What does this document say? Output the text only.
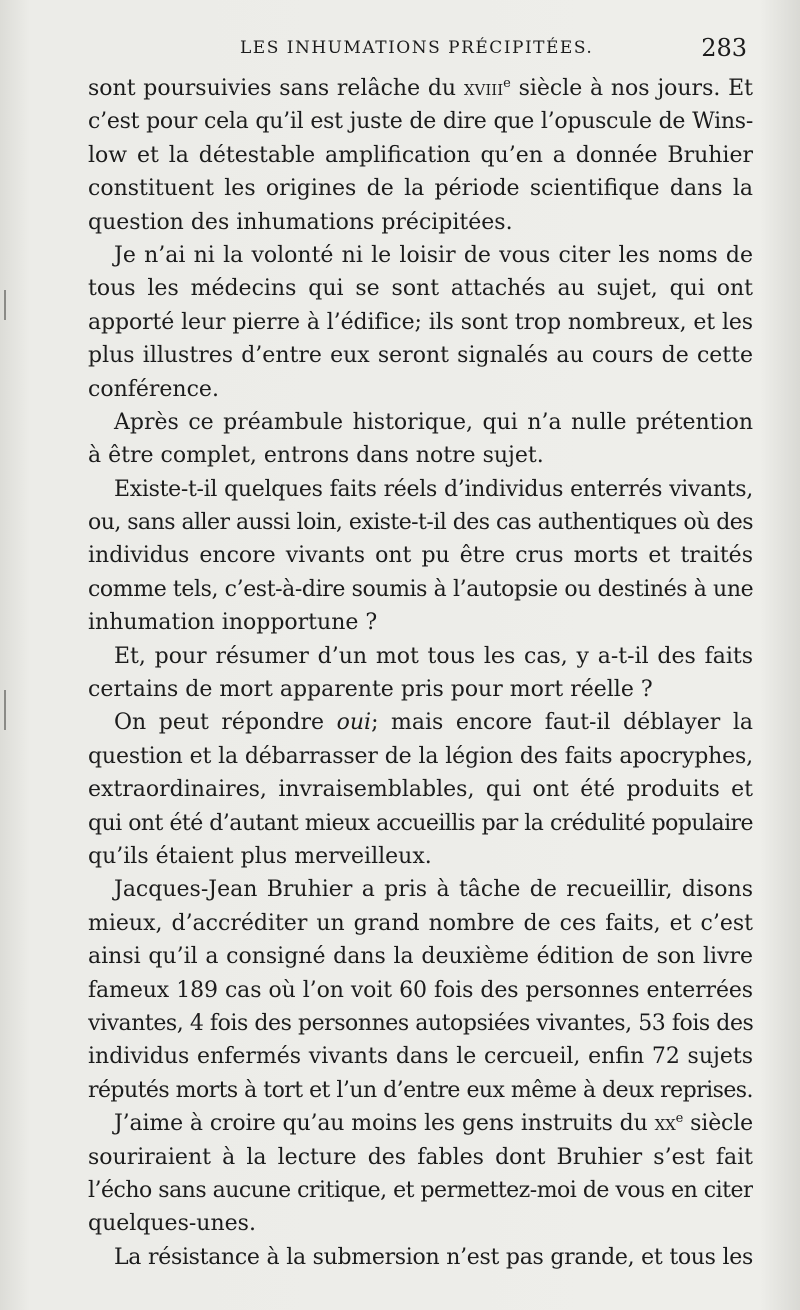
LES INHUMATIONS PRÉCIPITÉES.	283
sont poursuivies sans relâche du xviii$^e$ siècle à nos jours. Et
c’est pour cela qu’il est juste de dire que l’opuscule de Wins-
low et la détestable amplification qu’en a donnée Bruhier
constituent les origines de la période scientifique dans la
question des inhumations précipitées.
Je n’ai ni la volonté ni le loisir de vous citer les noms de
tous les médecins qui se sont attachés au sujet, qui ont
apporté leur pierre à l’édifice; ils sont trop nombreux, et les
plus illustres d’entre eux seront signalés au cours de cette
conférence.
Après ce préambule historique, qui n’a nulle prétention
à être complet, entrons dans notre sujet.
Existe-t-il quelques faits réels d’individus enterrés vivants,
ou, sans aller aussi loin, existe-t-il des cas authentiques où des
individus encore vivants ont pu être crus morts et traités
comme tels, c’est-à-dire soumis à l’autopsie ou destinés à une
inhumation inopportune ?
Et, pour résumer d’un mot tous les cas, y a-t-il des faits
certains de mort apparente pris pour mort réelle ?
On peut répondre oui; mais encore faut-il déblayer la
question et la débarrasser de la légion des faits apocryphes,
extraordinaires, invraisemblables, qui ont été produits et
qui ont été d’autant mieux accueillis par la crédulité populaire
qu’ils étaient plus merveilleux.
Jacques-Jean Bruhier a pris à tâche de recueillir, disons
mieux, d’accréditer un grand nombre de ces faits, et c’est
ainsi qu’il a consigné dans la deuxième édition de son livre
fameux 189 cas où l’on voit 60 fois des personnes enterrées
vivantes, 4 fois des personnes autopsiées vivantes, 53 fois des
individus enfermés vivants dans le cercueil, enfin 72 sujets
réputés morts à tort et l’un d’entre eux même à deux reprises.
J’aime à croire qu’au moins les gens instruits du $xx^e$ siècle
souriraient à la lecture des fables dont Bruhier s’est fait
l’écho sans aucune critique, et permettez-moi de vous en citer
quelques-unes.
La résistance à la submersion n’est pas grande, et tous les
